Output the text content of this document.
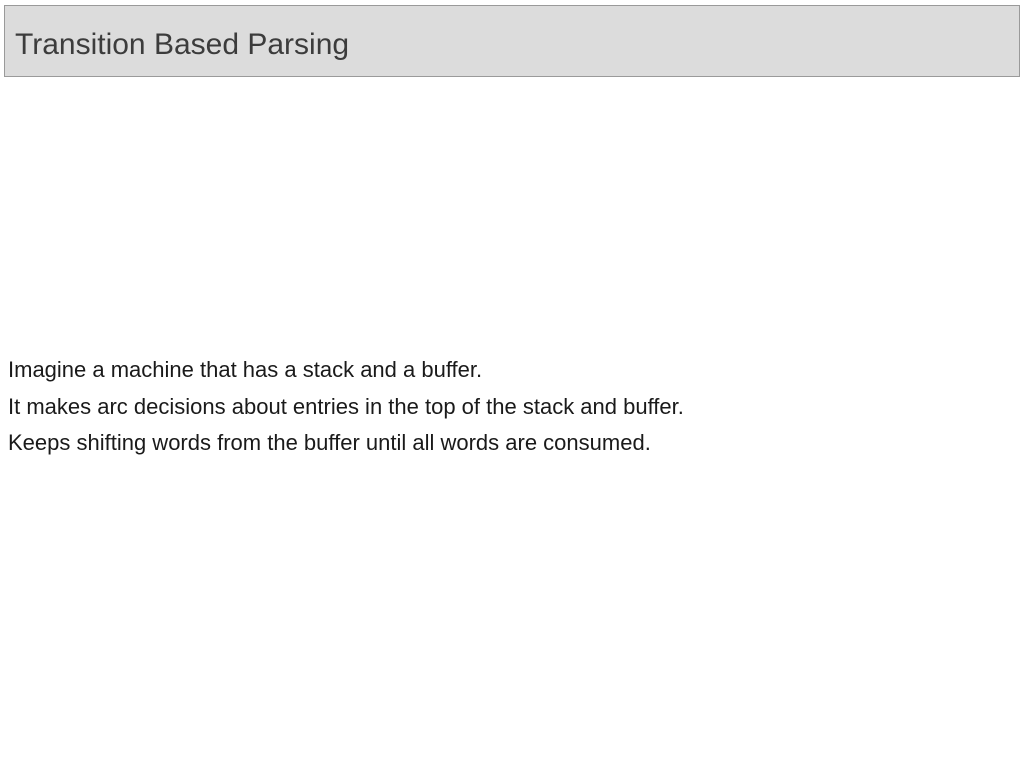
Transition Based Parsing
Imagine a machine that has a stack and a buffer.
It makes arc decisions about entries in the top of the stack and buffer.
Keeps shifting words from the buffer until all words are consumed.
